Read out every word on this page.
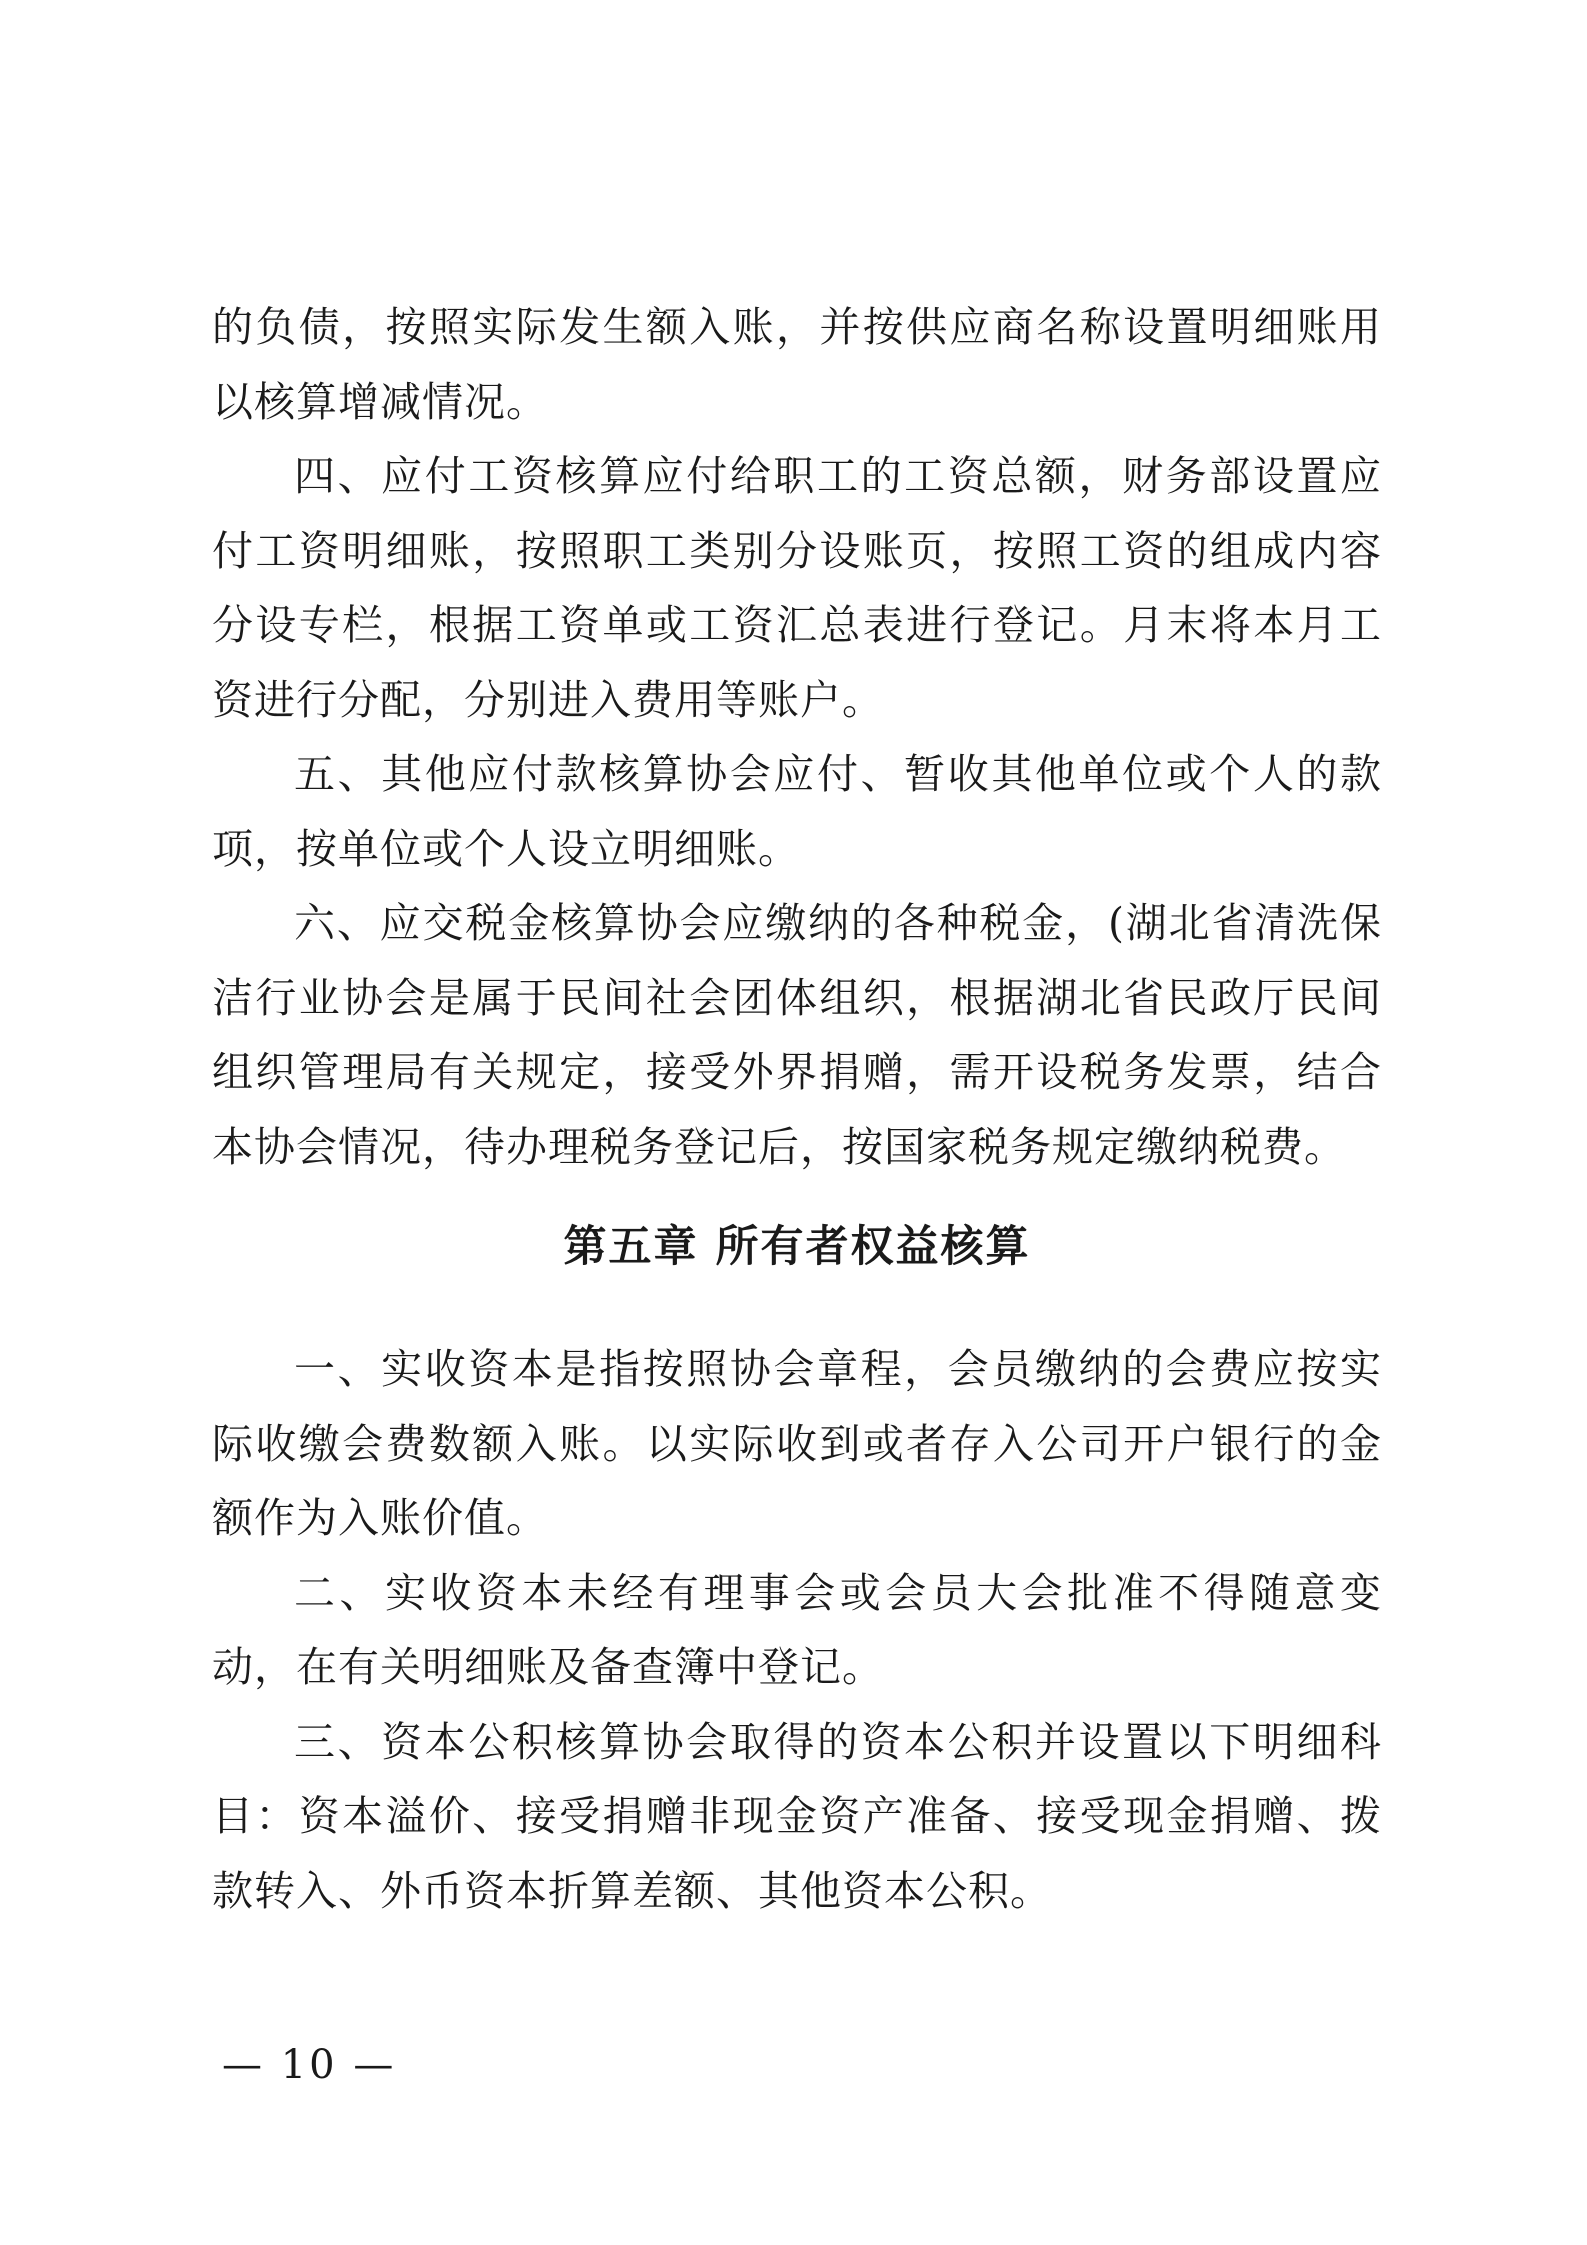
的负债，按照实际发生额入账，并按供应商名称设置明细账用以核算增减情况。

四、应付工资核算应付给职工的工资总额，财务部设置应付工资明细账，按照职工类别分设账页，按照工资的组成内容分设专栏，根据工资单或工资汇总表进行登记。月末将本月工资进行分配，分别进入费用等账户。

五、其他应付款核算协会应付、暂收其他单位或个人的款项，按单位或个人设立明细账。

六、应交税金核算协会应缴纳的各种税金，(湖北省清洗保洁行业协会是属于民间社会团体组织，根据湖北省民政厅民间组织管理局有关规定，接受外界捐赠，需开设税务发票，结合本协会情况，待办理税务登记后，按国家税务规定缴纳税费。

第五章 所有者权益核算

一、实收资本是指按照协会章程，会员缴纳的会费应按实际收缴会费数额入账。以实际收到或者存入公司开户银行的金额作为入账价值。

二、实收资本未经有理事会或会员大会批准不得随意变动，在有关明细账及备查簿中登记。

三、资本公积核算协会取得的资本公积并设置以下明细科目：资本溢价、接受捐赠非现金资产准备、接受现金捐赠、拨款转入、外币资本折算差额、其他资本公积。

— 10 —
